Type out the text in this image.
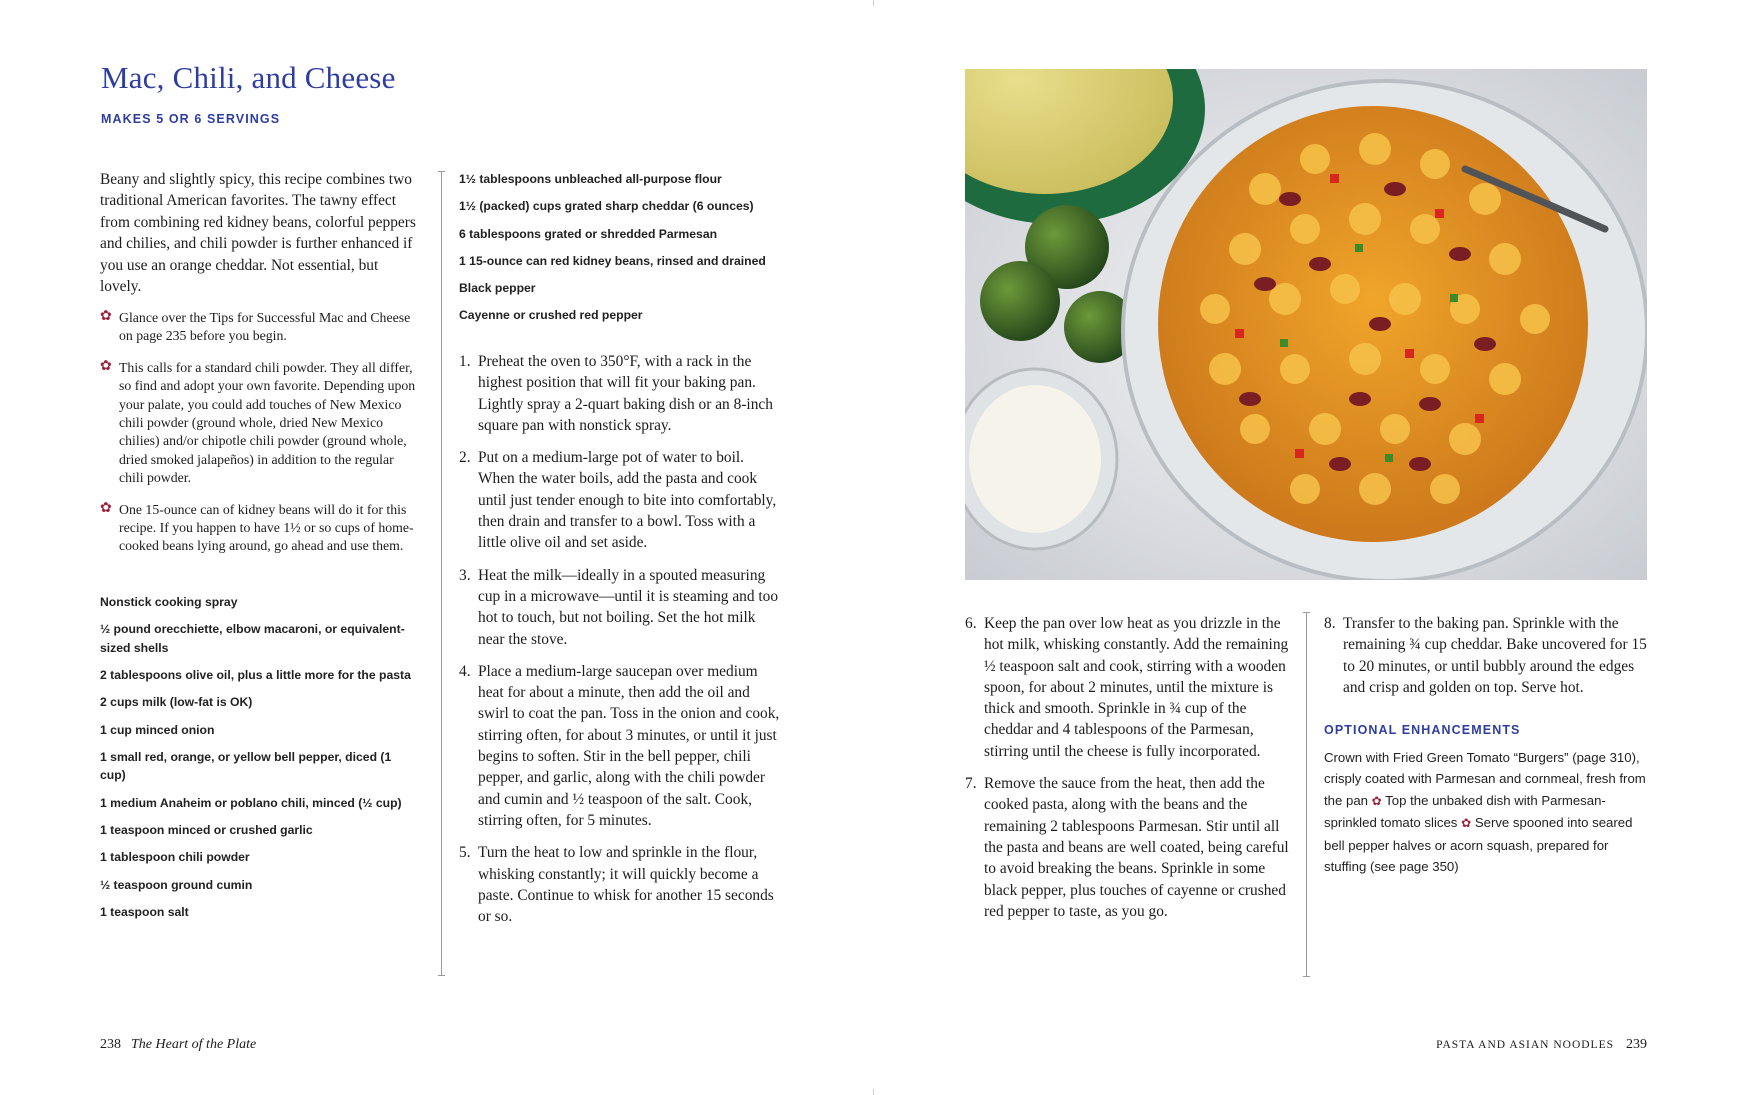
Mac, Chili, and Cheese
MAKES 5 OR 6 SERVINGS
Beany and slightly spicy, this recipe combines two traditional American favorites. The tawny effect from combining red kidney beans, colorful peppers and chilies, and chili powder is further enhanced if you use an orange cheddar. Not essential, but lovely.
✿ Glance over the Tips for Successful Mac and Cheese on page 235 before you begin.
✿ This calls for a standard chili powder. They all differ, so find and adopt your own favorite. Depending upon your palate, you could add touches of New Mexico chili powder (ground whole, dried New Mexico chilies) and/or chipotle chili powder (ground whole, dried smoked jalapeños) in addition to the regular chili powder.
✿ One 15-ounce can of kidney beans will do it for this recipe. If you happen to have 1½ or so cups of home-cooked beans lying around, go ahead and use them.
Nonstick cooking spray
½ pound orecchiette, elbow macaroni, or equivalent-sized shells
2 tablespoons olive oil, plus a little more for the pasta
2 cups milk (low-fat is OK)
1 cup minced onion
1 small red, orange, or yellow bell pepper, diced (1 cup)
1 medium Anaheim or poblano chili, minced (½ cup)
1 teaspoon minced or crushed garlic
1 tablespoon chili powder
½ teaspoon ground cumin
1 teaspoon salt
1½ tablespoons unbleached all-purpose flour
1½ (packed) cups grated sharp cheddar (6 ounces)
6 tablespoons grated or shredded Parmesan
1 15-ounce can red kidney beans, rinsed and drained
Black pepper
Cayenne or crushed red pepper
1. Preheat the oven to 350°F, with a rack in the highest position that will fit your baking pan. Lightly spray a 2-quart baking dish or an 8-inch square pan with nonstick spray.
2. Put on a medium-large pot of water to boil. When the water boils, add the pasta and cook until just tender enough to bite into comfortably, then drain and transfer to a bowl. Toss with a little olive oil and set aside.
3. Heat the milk—ideally in a spouted measuring cup in a microwave—until it is steaming and too hot to touch, but not boiling. Set the hot milk near the stove.
4. Place a medium-large saucepan over medium heat for about a minute, then add the oil and swirl to coat the pan. Toss in the onion and cook, stirring often, for about 3 minutes, or until it just begins to soften. Stir in the bell pepper, chili pepper, and garlic, along with the chili powder and cumin and ½ teaspoon of the salt. Cook, stirring often, for 5 minutes.
5. Turn the heat to low and sprinkle in the flour, whisking constantly; it will quickly become a paste. Continue to whisk for another 15 seconds or so.
6. Keep the pan over low heat as you drizzle in the hot milk, whisking constantly. Add the remaining ½ teaspoon salt and cook, stirring with a wooden spoon, for about 2 minutes, until the mixture is thick and smooth. Sprinkle in ¾ cup of the cheddar and 4 tablespoons of the Parmesan, stirring until the cheese is fully incorporated.
7. Remove the sauce from the heat, then add the cooked pasta, along with the beans and the remaining 2 tablespoons Parmesan. Stir until all the pasta and beans are well coated, being careful to avoid breaking the beans. Sprinkle in some black pepper, plus touches of cayenne or crushed red pepper to taste, as you go.
8. Transfer to the baking pan. Sprinkle with the remaining ¾ cup cheddar. Bake uncovered for 15 to 20 minutes, or until bubbly around the edges and crisp and golden on top. Serve hot.
OPTIONAL ENHANCEMENTS
Crown with Fried Green Tomato “Burgers” (page 310), crisply coated with Parmesan and cornmeal, fresh from the pan ✿ Top the unbaked dish with Parmesan-sprinkled tomato slices ✿ Serve spooned into seared bell pepper halves or acorn squash, prepared for stuffing (see page 350)
238 The Heart of the Plate	PASTA AND ASIAN NOODLES 239
